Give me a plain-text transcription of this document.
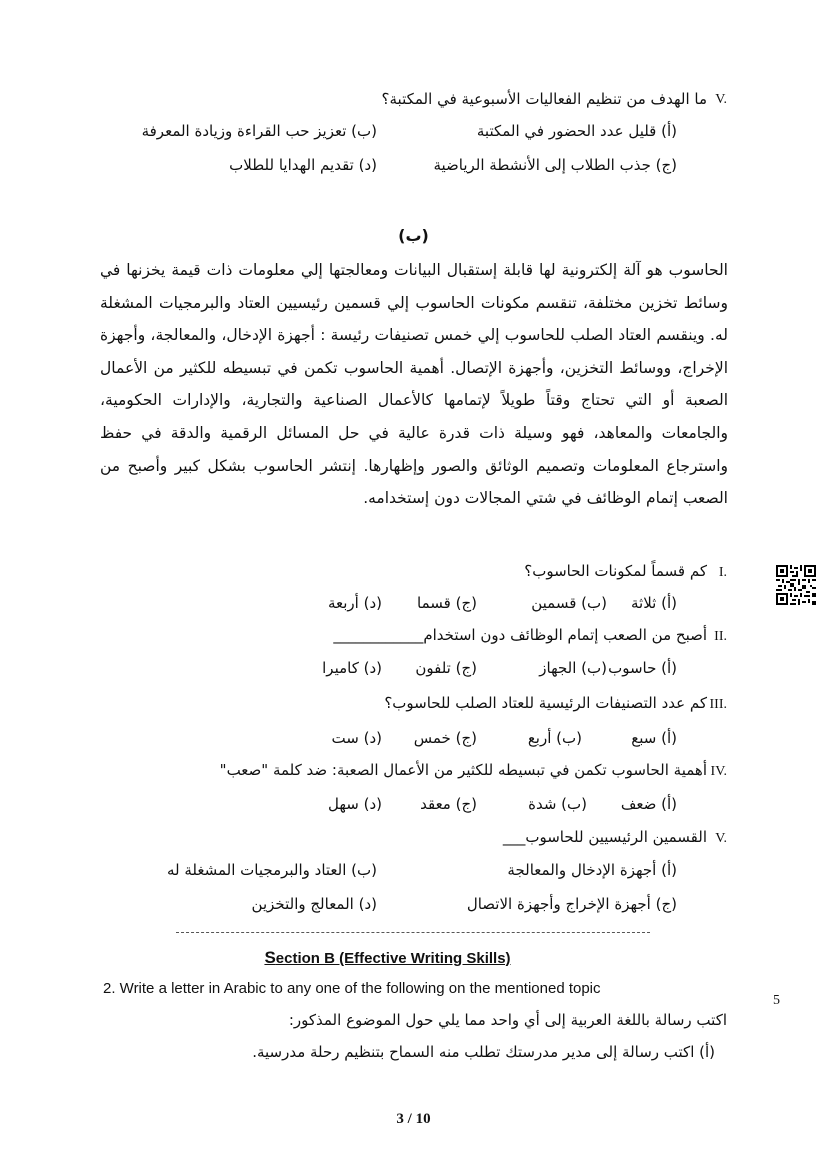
V.
ما الهدف من تنظيم الفعاليات الأسبوعية في المكتبة؟
(أ) قليل عدد الحضور في المكتبة
(ب) تعزيز حب القراءة وزيادة المعرفة
(ج) جذب الطلاب إلى الأنشطة الرياضية
(د) تقديم الهدايا للطلاب
(ب)

الحاسوب هو آلة إلكترونية لها قابلة إستقبال البيانات ومعالجتها إلي معلومات ذات قيمة يخزنها في وسائط تخزين مختلفة، تنقسم مكونات الحاسوب إلي قسمين رئيسيين العتاد والبرمجيات المشغلة له. وينقسم العتاد الصلب للحاسوب إلي خمس تصنيفات رئيسة : أجهزة الإدخال، والمعالجة، وأجهزة الإخراج، ووسائط التخزين، وأجهزة الإتصال. أهمية الحاسوب تكمن في تبسيطه للكثير من الأعمال الصعبة أو التي تحتاج وقتاً طويلاً لإتمامها كالأعمال الصناعية والتجارية، والإدارات الحكومية، والجامعات والمعاهد، فهو وسيلة ذات قدرة عالية في حل المسائل الرقمية والدقة في حفظ واسترجاع المعلومات وتصميم الوثائق والصور وإظهارها. إنتشر الحاسوب بشكل كبير وأصبح من الصعب إتمام الوظائف في شتي المجالات دون إستخدامه.

I.
كم قسماً لمكونات الحاسوب؟
(أ) ثلاثة
(ب) قسمين
(ج) قسما
(د) أربعة
II.
أصبح من الصعب إتمام الوظائف دون استخدام____________
(أ) حاسوب
(ب) الجهاز
(ج) تلفون
(د) كاميرا
III.
كم عدد التصنيفات الرئيسية للعتاد الصلب للحاسوب؟
(أ) سبع
(ب) أربع
(ج) خمس
(د) ست
IV.
أهمية الحاسوب تكمن في تبسيطه للكثير من الأعمال الصعبة: ضد كلمة "صعب"
(أ) ضعف
(ب) شدة
(ج) معقد
(د) سهل
V.
القسمين الرئيسيين للحاسوب___
(أ) أجهزة الإدخال والمعالجة
(ب) العتاد والبرمجيات المشغلة له
(ج) أجهزة الإخراج وأجهزة الاتصال
(د) المعالج والتخزين
Section B (Effective Writing Skills)
2. Write a letter in Arabic to any one of the following on the mentioned topic
5
اكتب رسالة باللغة العربية إلى أي واحد مما يلي حول الموضوع المذكور:
(أ) اكتب رسالة إلى مدير مدرستك تطلب منه السماح بتنظيم رحلة مدرسية.
3 / 10
